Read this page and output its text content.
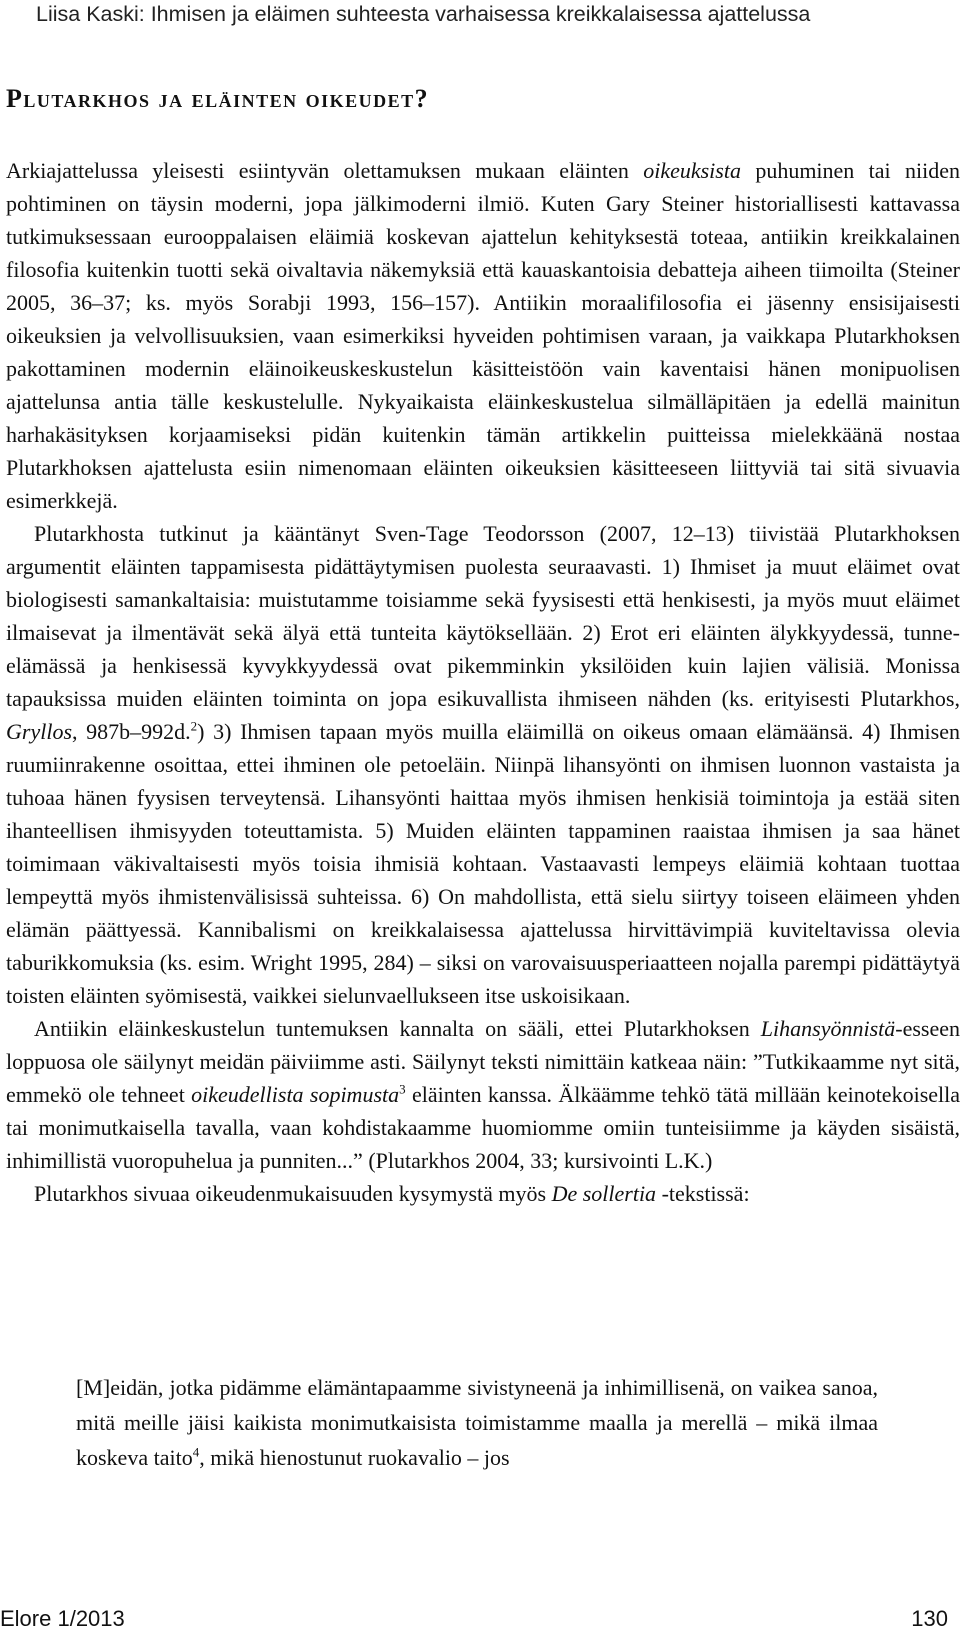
Liisa Kaski: Ihmisen ja eläimen suhteesta varhaisessa kreikkalaisessa ajattelussa
Plutarkhos ja eläinten oikeudet?

Arkiajattelussa yleisesti esiintyvän olettamuksen mukaan eläinten oikeuksista puhuminen tai niiden pohtiminen on täysin moderni, jopa jälkimoderni ilmiö. Kuten Gary Steiner historiallisesti kattavassa tutkimuksessaan eurooppalaisen eläimiä koskevan ajattelun kehityksestä toteaa, antiikin kreikkalainen filosofia kuitenkin tuotti sekä oivaltavia näkemyksiä että kauaskantoisia debatteja aiheen tiimoilta (Steiner 2005, 36–37; ks. myös Sorabji 1993, 156–157). Antiikin moraalifilosofia ei jäsenny ensisijaisesti oikeuksien ja velvollisuuksien, vaan esimerkiksi hyveiden pohtimisen varaan, ja vaikkapa Plutarkhoksen pakottaminen modernin eläinoikeuskeskustelun käsitteistöön vain kaventaisi hänen monipuolisen ajattelunsa antia tälle keskustelulle. Nykyaikaista eläinkeskustelua silmälläpitäen ja edellä mainitun harhakäsityksen korjaamiseksi pidän kuitenkin tämän artikkelin puitteissa mielekkäänä nostaa Plutarkhoksen ajattelusta esiin nimenomaan eläinten oikeuksien käsitteeseen liittyviä tai sitä sivuavia esimerkkejä.

Plutarkhosta tutkinut ja kääntänyt Sven-Tage Teodorsson (2007, 12–13) tiivistää Plutarkhoksen argumentit eläinten tappamisesta pidättäytymisen puolesta seuraavasti. 1) Ihmiset ja muut eläimet ovat biologisesti samankaltaisia: muistutamme toisiamme sekä fyysisesti että henkisesti, ja myös muut eläimet ilmaisevat ja ilmentävät sekä älyä että tunteita käytöksellään. 2) Erot eri eläinten älykkyydessä, tunne-elämässä ja henkisessä kyvykkyydessä ovat pikemminkin yksilöiden kuin lajien välisiä. Monissa tapauksissa muiden eläinten toiminta on jopa esikuvallista ihmiseen nähden (ks. erityisesti Plutarkhos, Gryllos, 987b–992d.$^2$) 3) Ihmisen tapaan myös muilla eläimillä on oikeus omaan elämäänsä. 4) Ihmisen ruumiinrakenne osoittaa, ettei ihminen ole petoeläin. Niinpä lihansyönti on ihmisen luonnon vastaista ja tuhoaa hänen fyysisen terveytensä. Lihansyönti haittaa myös ihmisen henkisiä toimintoja ja estää siten ihanteellisen ihmisyyden toteuttamista. 5) Muiden eläinten tappaminen raaistaa ihmisen ja saa hänet toimimaan väkivaltaisesti myös toisia ihmisiä kohtaan. Vastaavasti lempeys eläimiä kohtaan tuottaa lempeyttä myös ihmistenvälisissä suhteissa. 6) On mahdollista, että sielu siirtyy toiseen eläimeen yhden elämän päättyessä. Kannibalismi on kreikkalaisessa ajattelussa hirvittävimpiä kuviteltavissa olevia taburikkomuksia (ks. esim. Wright 1995, 284) – siksi on varovaisuusperiaatteen nojalla parempi pidättäytyä toisten eläinten syömisestä, vaikkei sielunvaellukseen itse uskoisikaan.

Antiikin eläinkeskustelun tuntemuksen kannalta on sääli, ettei Plutarkhoksen Lihansyönnistä-esseen loppuosa ole säilynyt meidän päiviimme asti. Säilynyt teksti nimittäin katkeaa näin: ”Tutkikaamme nyt sitä, emmekö ole tehneet oikeudellista sopimusta$^3$ eläinten kanssa. Älkäämme tehkö tätä millään keinotekoisella tai monimutkaisella tavalla, vaan kohdistakaamme huomiomme omiin tunteisiimme ja käyden sisäistä, inhimillistä vuoropuhelua ja punniten...” (Plutarkhos 2004, 33; kursivointi L.K.)

Plutarkhos sivuaa oikeudenmukaisuuden kysymystä myös De sollertia -tekstissä:

[M]eidän, jotka pidämme elämäntapaamme sivistyneenä ja inhimillisenä, on vaikea sanoa, mitä meille jäisi kaikista monimutkaisista toimistamme maalla ja merellä – mikä ilmaa koskeva taito$^4$, mikä hienostunut ruokavalio – jos
Elore 1/2013	130
